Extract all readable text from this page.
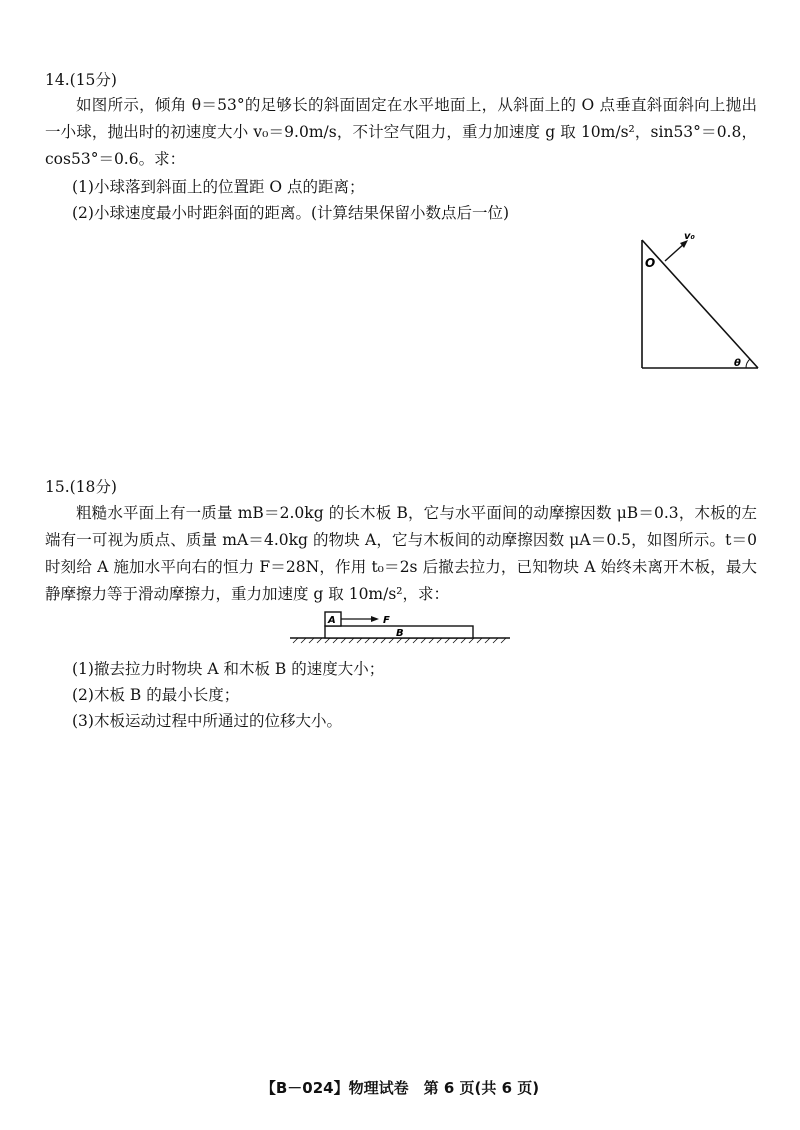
14.(15分)

如图所示，倾角 θ＝53°的足够长的斜面固定在水平地面上，从斜面上的 O 点垂直斜面斜向上抛出一小球，抛出时的初速度大小 v₀＝9.0m/s，不计空气阻力，重力加速度 g 取 10m/s²，sin53°＝0.8，cos53°＝0.6。求：

(1)小球落到斜面上的位置距 O 点的距离；
(2)小球速度最小时距斜面的距离。(计算结果保留小数点后一位)
O
v₀
θ
15.(18分)

粗糙水平面上有一质量 mB＝2.0kg 的长木板 B，它与水平面间的动摩擦因数 μB＝0.3，木板的左端有一可视为质点、质量 mA＝4.0kg 的物块 A，它与木板间的动摩擦因数 μA＝0.5，如图所示。t＝0 时刻给 A 施加水平向右的恒力 F＝28N，作用 t₀＝2s 后撤去拉力，已知物块 A 始终未离开木板，最大静摩擦力等于滑动摩擦力，重力加速度 g 取 10m/s²，求：

A	F
B
(1)撤去拉力时物块 A 和木板 B 的速度大小；
(2)木板 B 的最小长度；
(3)木板运动过程中所通过的位移大小。
【B－024】物理试卷　第 6 页(共 6 页)
